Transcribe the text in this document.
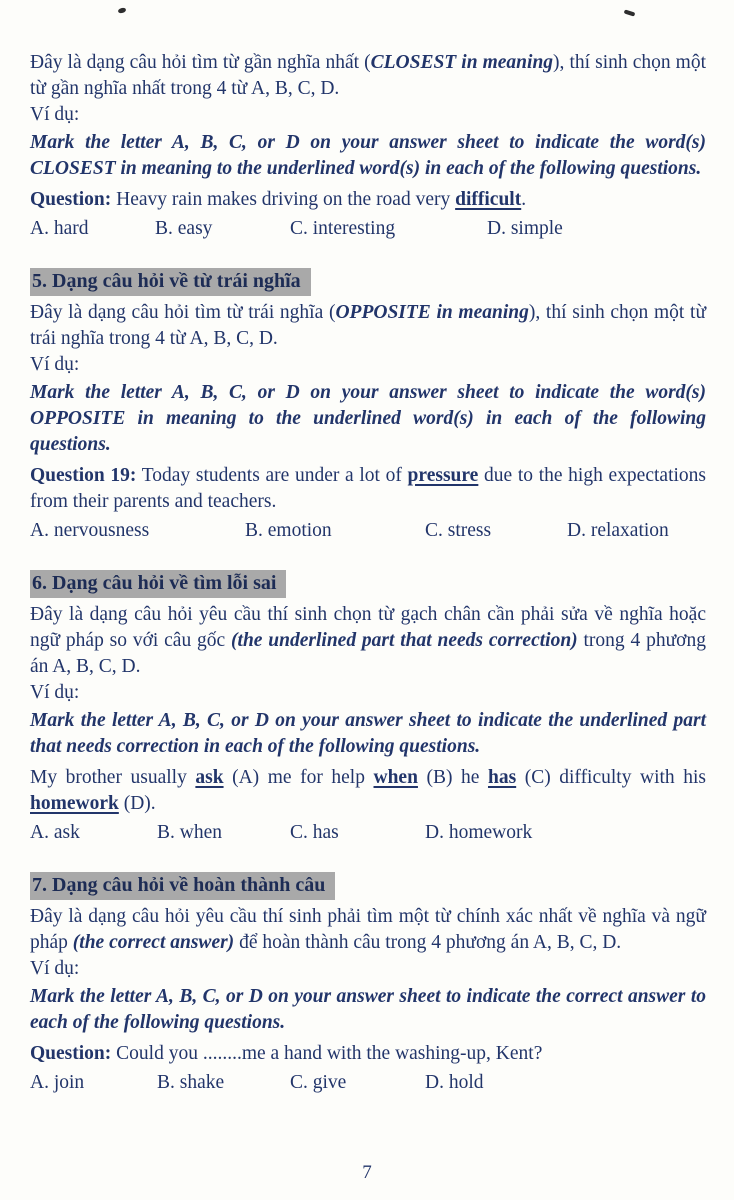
Đây là dạng câu hỏi tìm từ gần nghĩa nhất (CLOSEST in meaning), thí sinh chọn một từ gần nghĩa nhất trong 4 từ A, B, C, D.

Ví dụ:

Mark the letter A, B, C, or D on your answer sheet to indicate the word(s) CLOSEST in meaning to the underlined word(s) in each of the following questions.

Question: Heavy rain makes driving on the road very difficult.

A. hard	B. easy	C. interesting	D. simple
5. Dạng câu hỏi về từ trái nghĩa

Đây là dạng câu hỏi tìm từ trái nghĩa (OPPOSITE in meaning), thí sinh chọn một từ trái nghĩa trong 4 từ A, B, C, D.

Ví dụ:

Mark the letter A, B, C, or D on your answer sheet to indicate the word(s) OPPOSITE in meaning to the underlined word(s) in each of the following questions.

Question 19: Today students are under a lot of pressure due to the high expectations from their parents and teachers.

A. nervousness	B. emotion	C. stress	D. relaxation
6. Dạng câu hỏi về tìm lỗi sai

Đây là dạng câu hỏi yêu cầu thí sinh chọn từ gạch chân cần phải sửa về nghĩa hoặc ngữ pháp so với câu gốc (the underlined part that needs correction) trong 4 phương án A, B, C, D.

Ví dụ:

Mark the letter A, B, C, or D on your answer sheet to indicate the underlined part that needs correction in each of the following questions.

My brother usually ask (A) me for help when (B) he has (C) difficulty with his homework (D).

A. ask	B. when	C. has	D. homework
7. Dạng câu hỏi về hoàn thành câu

Đây là dạng câu hỏi yêu cầu thí sinh phải tìm một từ chính xác nhất về nghĩa và ngữ pháp (the correct answer) để hoàn thành câu trong 4 phương án A, B, C, D.

Ví dụ:

Mark the letter A, B, C, or D on your answer sheet to indicate the correct answer to each of the following questions.

Question: Could you ........me a hand with the washing-up, Kent?

A. join	B. shake	C. give	D. hold
7
